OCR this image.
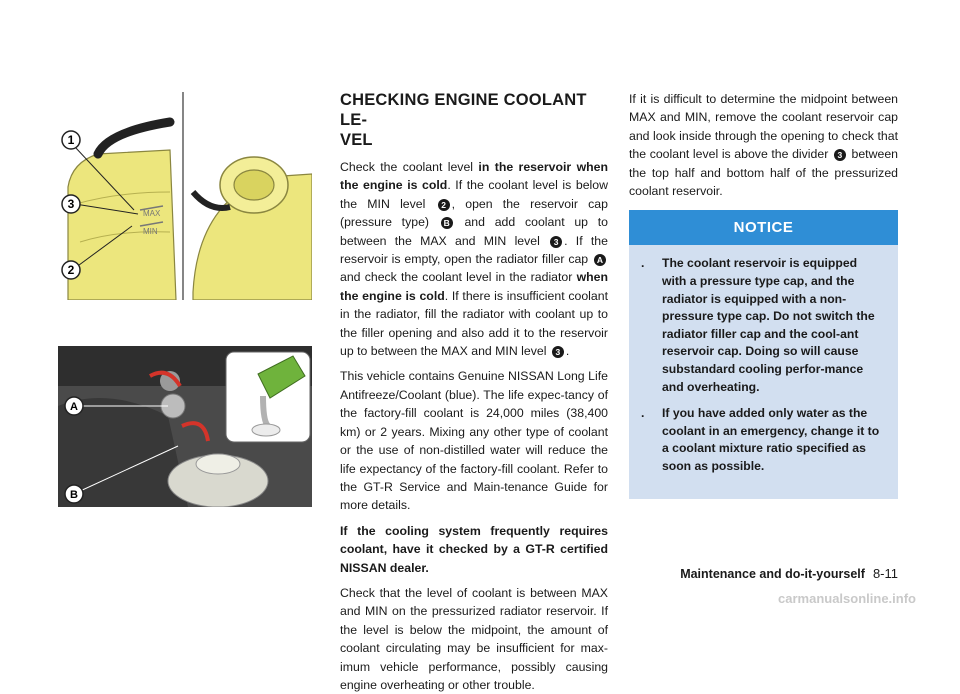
MAX
MIN
1
3
2
A
B
CHECKING ENGINE COOLANT LE-
VEL

Check the coolant level in the reservoir when the engine is cold. If the coolant level is below the MIN level 2 , open the reservoir cap (pressure type) B and add coolant up to between the MAX and MIN level 3 . If the reservoir is empty, open the radiator filler cap A and check the coolant level in the radiator when the engine is cold. If there is insufficient coolant in the radiator, fill the radiator with coolant up to the filler opening and also add it to the reservoir up to between the MAX and MIN level 3 .

This vehicle contains Genuine NISSAN Long Life Antifreeze/Coolant (blue). The life expec-tancy of the factory-fill coolant is 24,000 miles (38,400 km) or 2 years. Mixing any other type of coolant or the use of non-distilled water will reduce the life expectancy of the factory-fill coolant. Refer to the GT-R Service and Main-tenance Guide for more details.

If the cooling system frequently requires coolant, have it checked by a GT-R certified NISSAN dealer.

Check that the level of coolant is between MAX and MIN on the pressurized radiator reservoir. If the level is below the midpoint, the amount of coolant circulating may be insufficient for max-imum vehicle performance, possibly causing engine overheating or other trouble.

If it is difficult to determine the midpoint between MAX and MIN, remove the coolant reservoir cap and look inside through the opening to check that the coolant level is above the divider 3 between the top half and bottom half of the pressurized coolant reservoir.

NOTICE
. The coolant reservoir is equipped with a pressure type cap, and the radiator is equipped with a non-pressure type cap. Do not switch the radiator filler cap and the cool-ant reservoir cap. Doing so will cause substandard cooling perfor-mance and overheating.
. If you have added only water as the coolant in an emergency, change it to a coolant mixture ratio specified as soon as possible.
Maintenance and do-it-yourself 8-11
carmanualsonline.info
